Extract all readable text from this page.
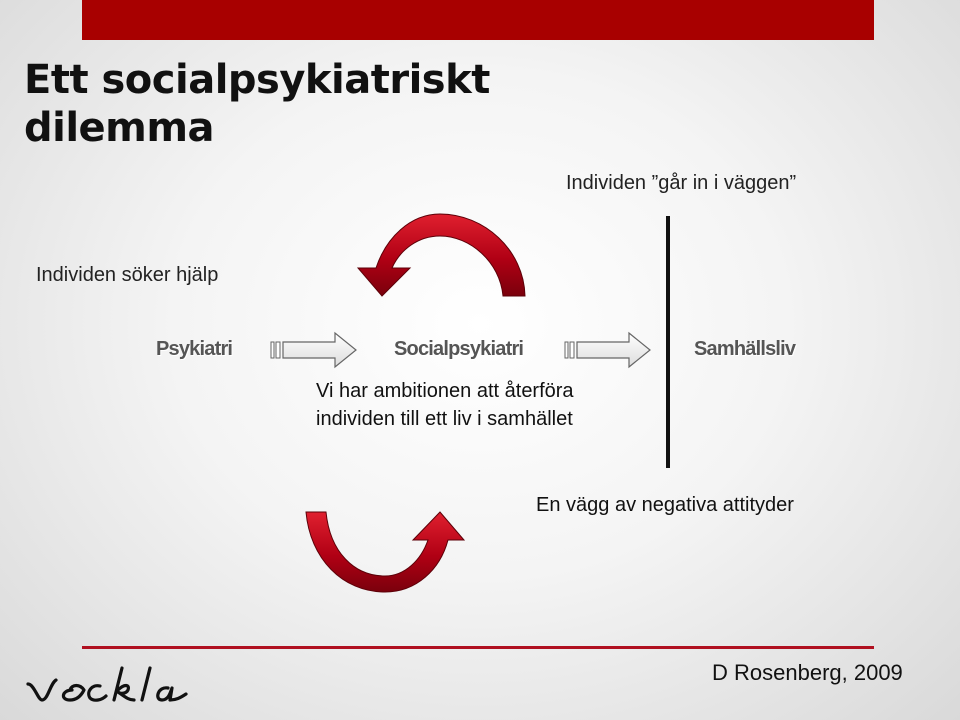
Ett socialpsykiatriskt dilemma
Individen ”går in i väggen”
Individen söker hjälp
Psykiatri	Socialpsykiatri	Samhällsliv
Vi har ambitionen att återföra
individen till ett liv i samhället
En vägg av negativa attityder
D Rosenberg, 2009
